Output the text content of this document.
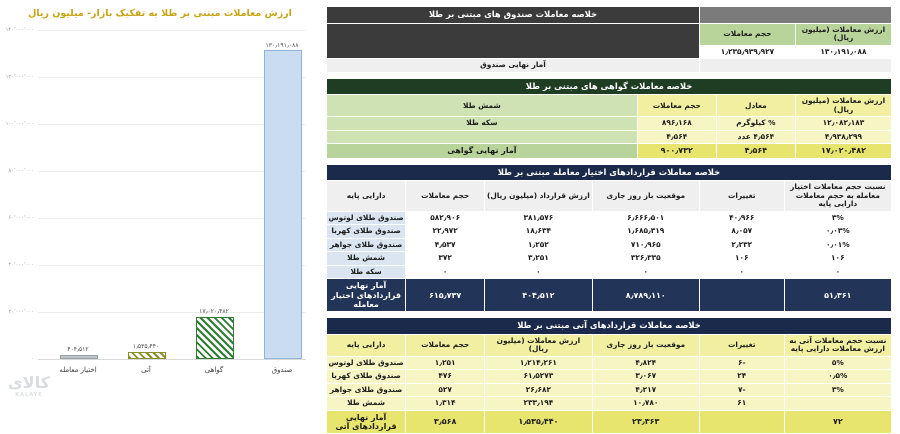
ارزش معاملات مبتنی بر طلا به تفکیک بازار- میلیون ریال
۱۴۰٬۰۰۰٬۰۰۰
۱۲۰٬۰۰۰٬۰۰۰
۱۰۰٬۰۰۰٬۰۰۰
۸۰٬۰۰۰٬۰۰۰
۶۰٬۰۰۰٬۰۰۰
۴۰٬۰۰۰٬۰۰۰
۲۰٬۰۰۰٬۰۰۰
۰
۴۰۴٫۵۱۲	۱٫۵۳۵٫۴۴۰
۱۷٫۰۲۰٫۴۸۲
۱۳۰٫۱۹۱٫۰۸۸
اختیار معامله	آتی	گواهی	صندوق
کالای
KALAYE
		خلاصه معاملات صندوق های مبتنی بر طلا
ارزش معاملات (میلیون ریال)	حجم معاملات	
۱۳۰٫۱۹۱٫۰۸۸	۱٫۲۳۵٫۹۳۹٫۹۲۷	
		آمار نهایی صندوق
خلاصه معاملات گواهی های مبتنی بر طلا			
ارزش معاملات (میلیون ریال)	معادل	حجم معاملات	شمش طلا
۱۲٫۰۸۲٫۱۸۳	% کیلوگرم	۸۹۶٫۱۶۸	سکه طلا
۴٫۹۳۸٫۲۹۹	۴٫۵۶۴ عدد	۴٫۵۶۴	
۱۷٫۰۲۰٫۴۸۲	۴٫۵۶۴	۹۰۰٫۷۳۲	آمار نهایی گواهی
خلاصه معاملات قراردادهای اختیار معامله مبتنی بر طلا					
نسبت حجم معاملات اختیار معامله به حجم معاملات دارایی پایه	تغییرات	موقعیت باز روز جاری	ارزش قرارداد (میلیون ریال)	حجم معاملات	دارایی پایه
۳%	۴۰٫۹۶۶	۶٫۶۶۶٫۵۰۱	۳۸۱٫۵۷۶	۵۸۲٫۹۰۶	صندوق طلای لوتوس
۰٫۰۳%	۸٫۰۵۷	۱٫۶۸۵٫۳۱۹	۱۸٫۶۳۴	۲۲٫۹۷۲	صندوق طلای کهربا
۰٫۰۱%	۲٫۲۳۲	۷۱۰٫۹۶۵	۱٫۲۵۲	۴٫۵۳۷	صندوق طلای جواهر
۱۰۶	۱۰۶	۳۲۶٫۳۳۵	۳٫۲۵۱	۳۷۲	شمش طلا
۰	۰	۰	۰	۰	سکه طلا
۵۱٫۳۶۱		۸٫۷۸۹٫۱۱۰	۴۰۴٫۵۱۲	۶۱۵٫۷۳۷	آمار نهایی قراردادهای اختیار معامله
خلاصه معاملات قراردادهای آتی مبتنی بر طلا					
نسبت حجم معاملات آتی به ارزش معاملات دارایی پایه	تغییرات	موقعیت باز روز جاری	ارزش معاملات (میلیون ریال)	حجم معاملات	دارایی پایه
۵%	-۶	۴٫۸۲۴	۱٫۲۱۴٫۲۶۱	۱٫۲۵۱	صندوق طلای لوتوس
۰٫۵%	۲۴	۳٫۰۶۷	۶۱٫۵۲۷۳	۴۷۶	صندوق طلای کهربا
۳%	-۷	۴٫۲۱۷	۲۶٫۶۸۲	۵۲۷	صندوق طلای جواهر
	۶۱	۱۰٫۷۸۰	۲۳۳٫۱۹۴	۱٫۳۱۴	شمش طلا
۷۲		۲۳٫۳۶۳	۱٫۵۳۵٫۴۴۰	۳٫۵۶۸	آمار نهایی قراردادهای آتی
